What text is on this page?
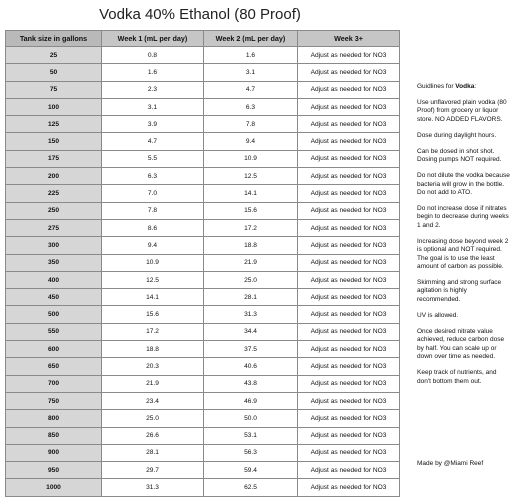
Vodka 40% Ethanol (80 Proof)
Tank size in gallons	Week 1 (mL per day)	Week 2 (mL per day)	Week 3+
25	0.8	1.6	Adjust as needed for NO3
50	1.6	3.1	Adjust as needed for NO3
75	2.3	4.7	Adjust as needed for NO3
100	3.1	6.3	Adjust as needed for NO3
125	3.9	7.8	Adjust as needed for NO3
150	4.7	9.4	Adjust as needed for NO3
175	5.5	10.9	Adjust as needed for NO3
200	6.3	12.5	Adjust as needed for NO3
225	7.0	14.1	Adjust as needed for NO3
250	7.8	15.6	Adjust as needed for NO3
275	8.6	17.2	Adjust as needed for NO3
300	9.4	18.8	Adjust as needed for NO3
350	10.9	21.9	Adjust as needed for NO3
400	12.5	25.0	Adjust as needed for NO3
450	14.1	28.1	Adjust as needed for NO3
500	15.6	31.3	Adjust as needed for NO3
550	17.2	34.4	Adjust as needed for NO3
600	18.8	37.5	Adjust as needed for NO3
650	20.3	40.6	Adjust as needed for NO3
700	21.9	43.8	Adjust as needed for NO3
750	23.4	46.9	Adjust as needed for NO3
800	25.0	50.0	Adjust as needed for NO3
850	26.6	53.1	Adjust as needed for NO3
900	28.1	56.3	Adjust as needed for NO3
950	29.7	59.4	Adjust as needed for NO3
1000	31.3	62.5	Adjust as needed for NO3

Guidlines for Vodka:

Use unflavored plain vodka (80 Proof) from grocery or liquor store. NO ADDED FLAVORS.

Dose during daylight hours.

Can be dosed in shot shot. Dosing pumps NOT required.

Do not dilute the vodka because bacteria will grow in the bottle. Do not add to ATO.

Do not increase dose if nitrates begin to decrease during weeks 1 and 2.

Increasing dose beyond week 2 is optional and NOT required. The goal is to use the least amount of carbon as possible.

Skimming and strong surface agitation is highly recommended.

UV is allowed.

Once desired nitrate value achieved, reduce carbon dose by half. You can scale up or down over time as needed.

Keep track of nutrients, and don't bottom them out.

Made by @Miami Reef
